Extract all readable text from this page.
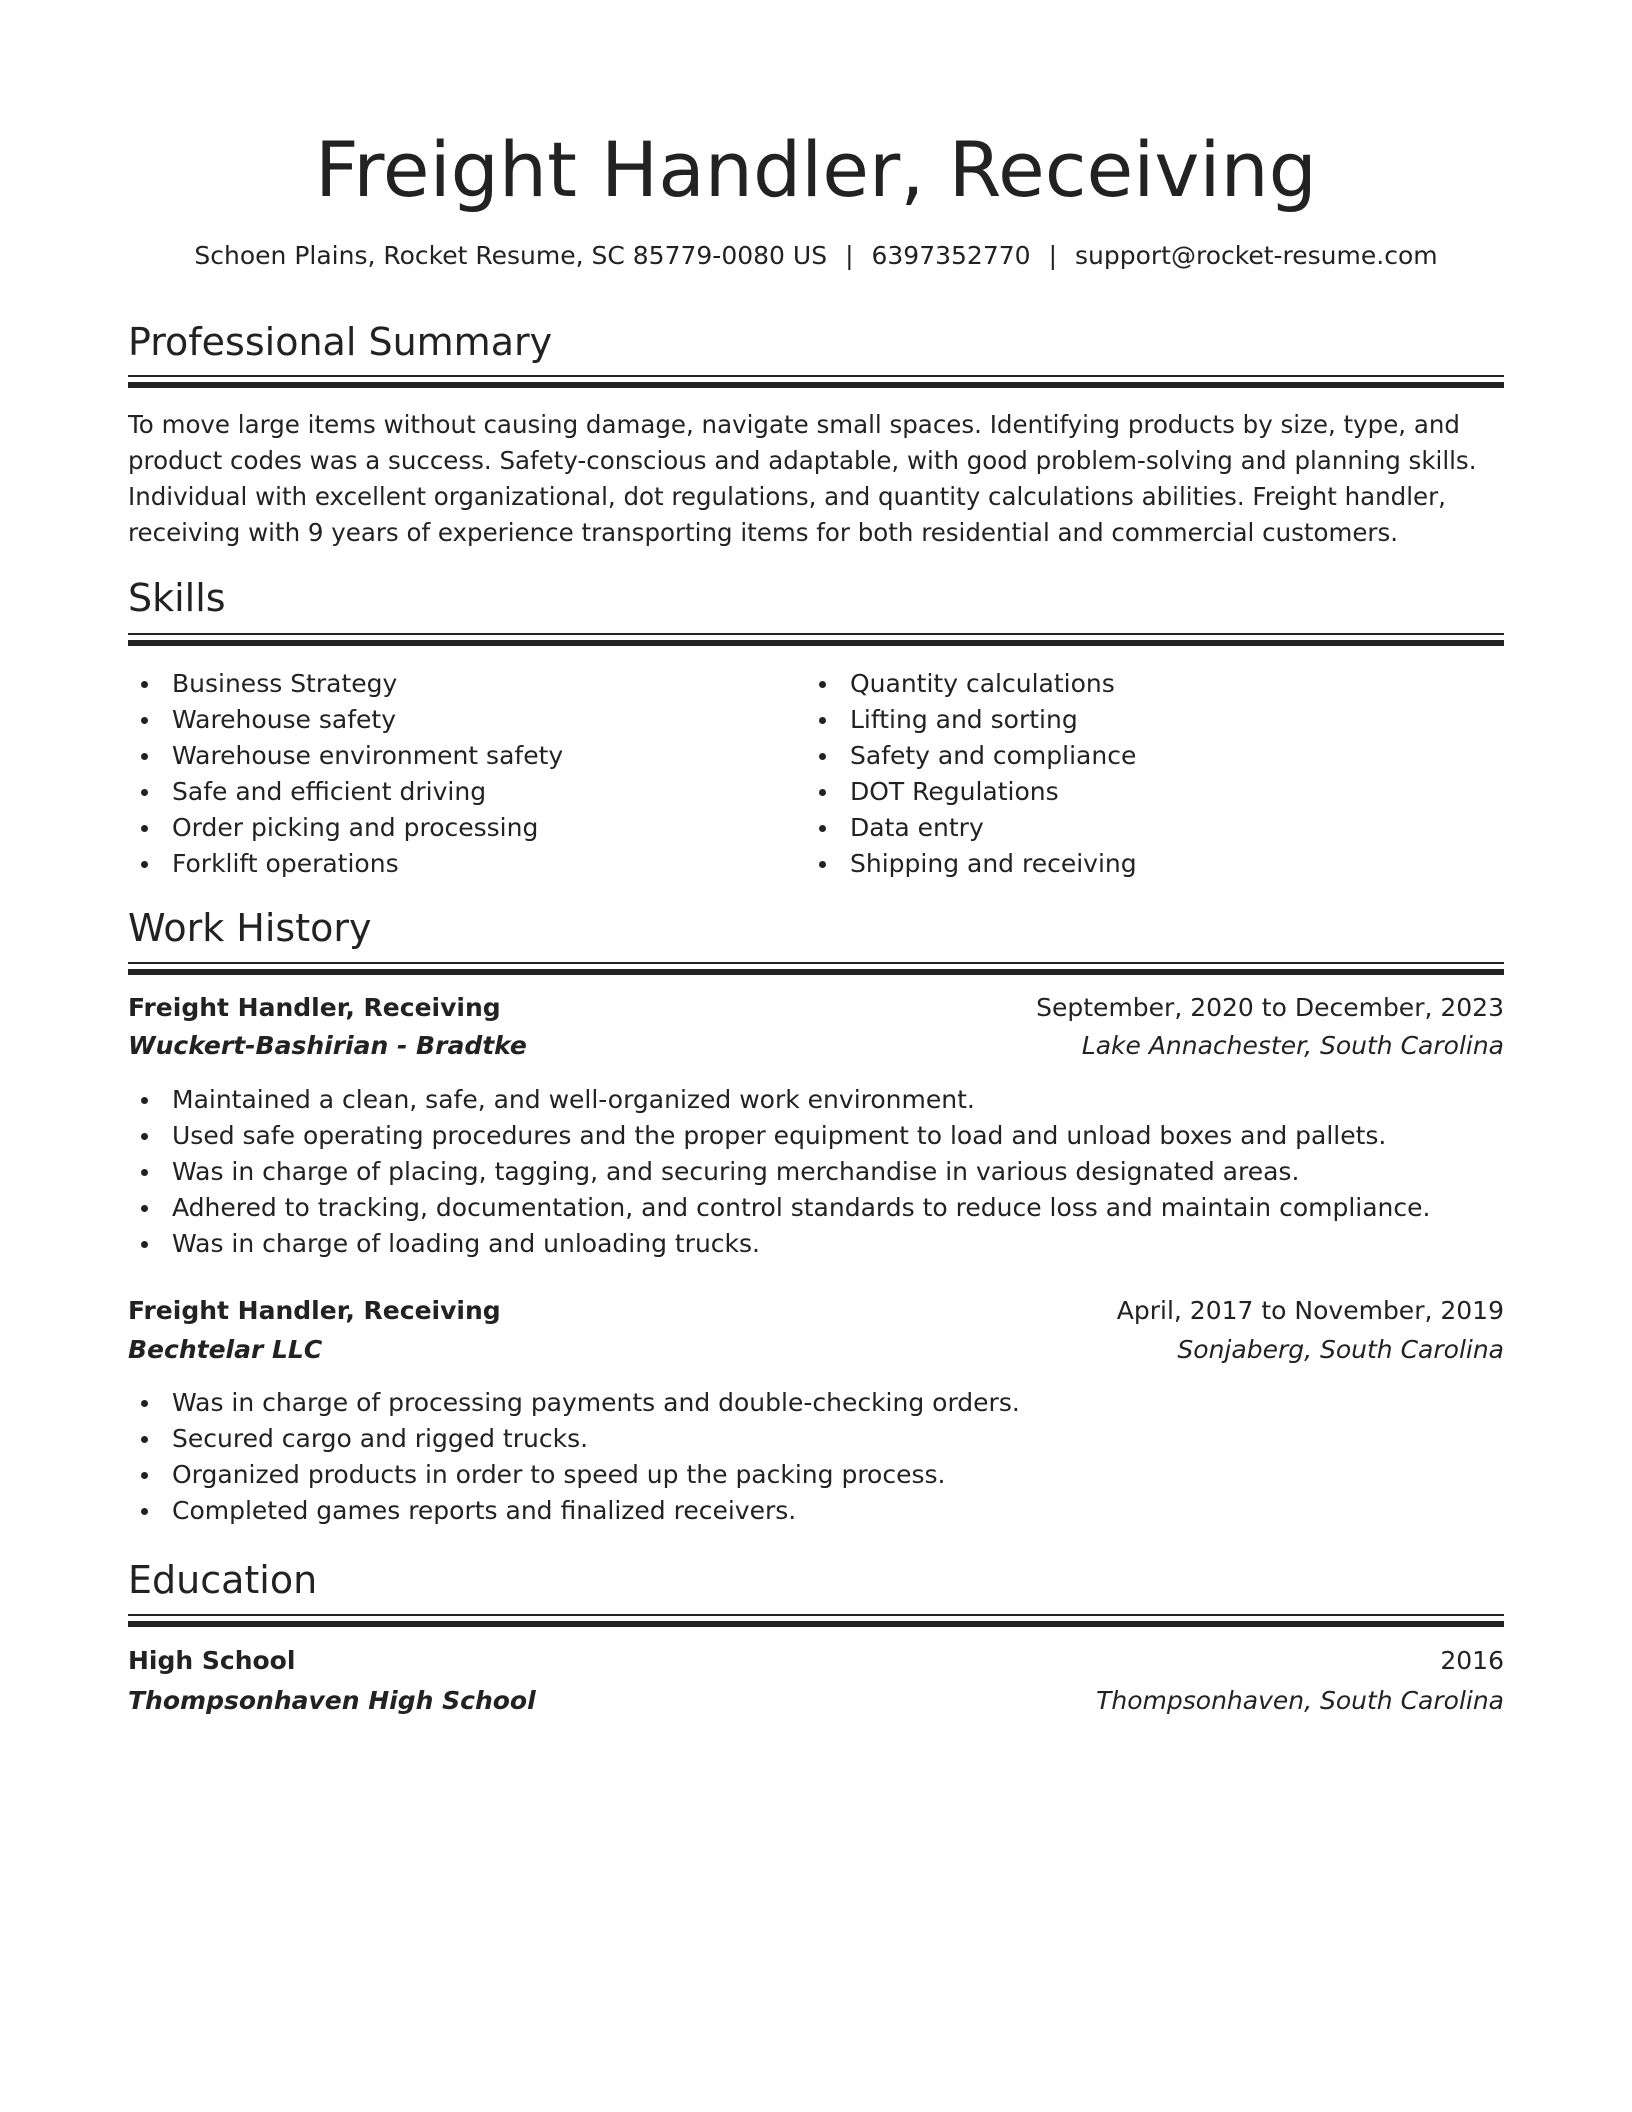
Freight Handler, Receiving
Schoen Plains, Rocket Resume, SC 85779-0080 US | 6397352770 | support@rocket-resume.com
Professional Summary
To move large items without causing damage, navigate small spaces. Identifying products by size, type, and product codes was a success. Safety-conscious and adaptable, with good problem-solving and planning skills. Individual with excellent organizational, dot regulations, and quantity calculations abilities. Freight handler, receiving with 9 years of experience transporting items for both residential and commercial customers.
Skills
Business Strategy
Warehouse safety
Warehouse environment safety
Safe and efficient driving
Order picking and processing
Forklift operations
Quantity calculations
Lifting and sorting
Safety and compliance
DOT Regulations
Data entry
Shipping and receiving
Work History
Freight Handler, Receiving	September, 2020 to December, 2023
Wuckert-Bashirian - Bradtke	Lake Annachester, South Carolina
Maintained a clean, safe, and well-organized work environment.
Used safe operating procedures and the proper equipment to load and unload boxes and pallets.
Was in charge of placing, tagging, and securing merchandise in various designated areas.
Adhered to tracking, documentation, and control standards to reduce loss and maintain compliance.
Was in charge of loading and unloading trucks.
Freight Handler, Receiving	April, 2017 to November, 2019
Bechtelar LLC	Sonjaberg, South Carolina
Was in charge of processing payments and double-checking orders.
Secured cargo and rigged trucks.
Organized products in order to speed up the packing process.
Completed games reports and finalized receivers.
Education
High School	2016
Thompsonhaven High School	Thompsonhaven, South Carolina
